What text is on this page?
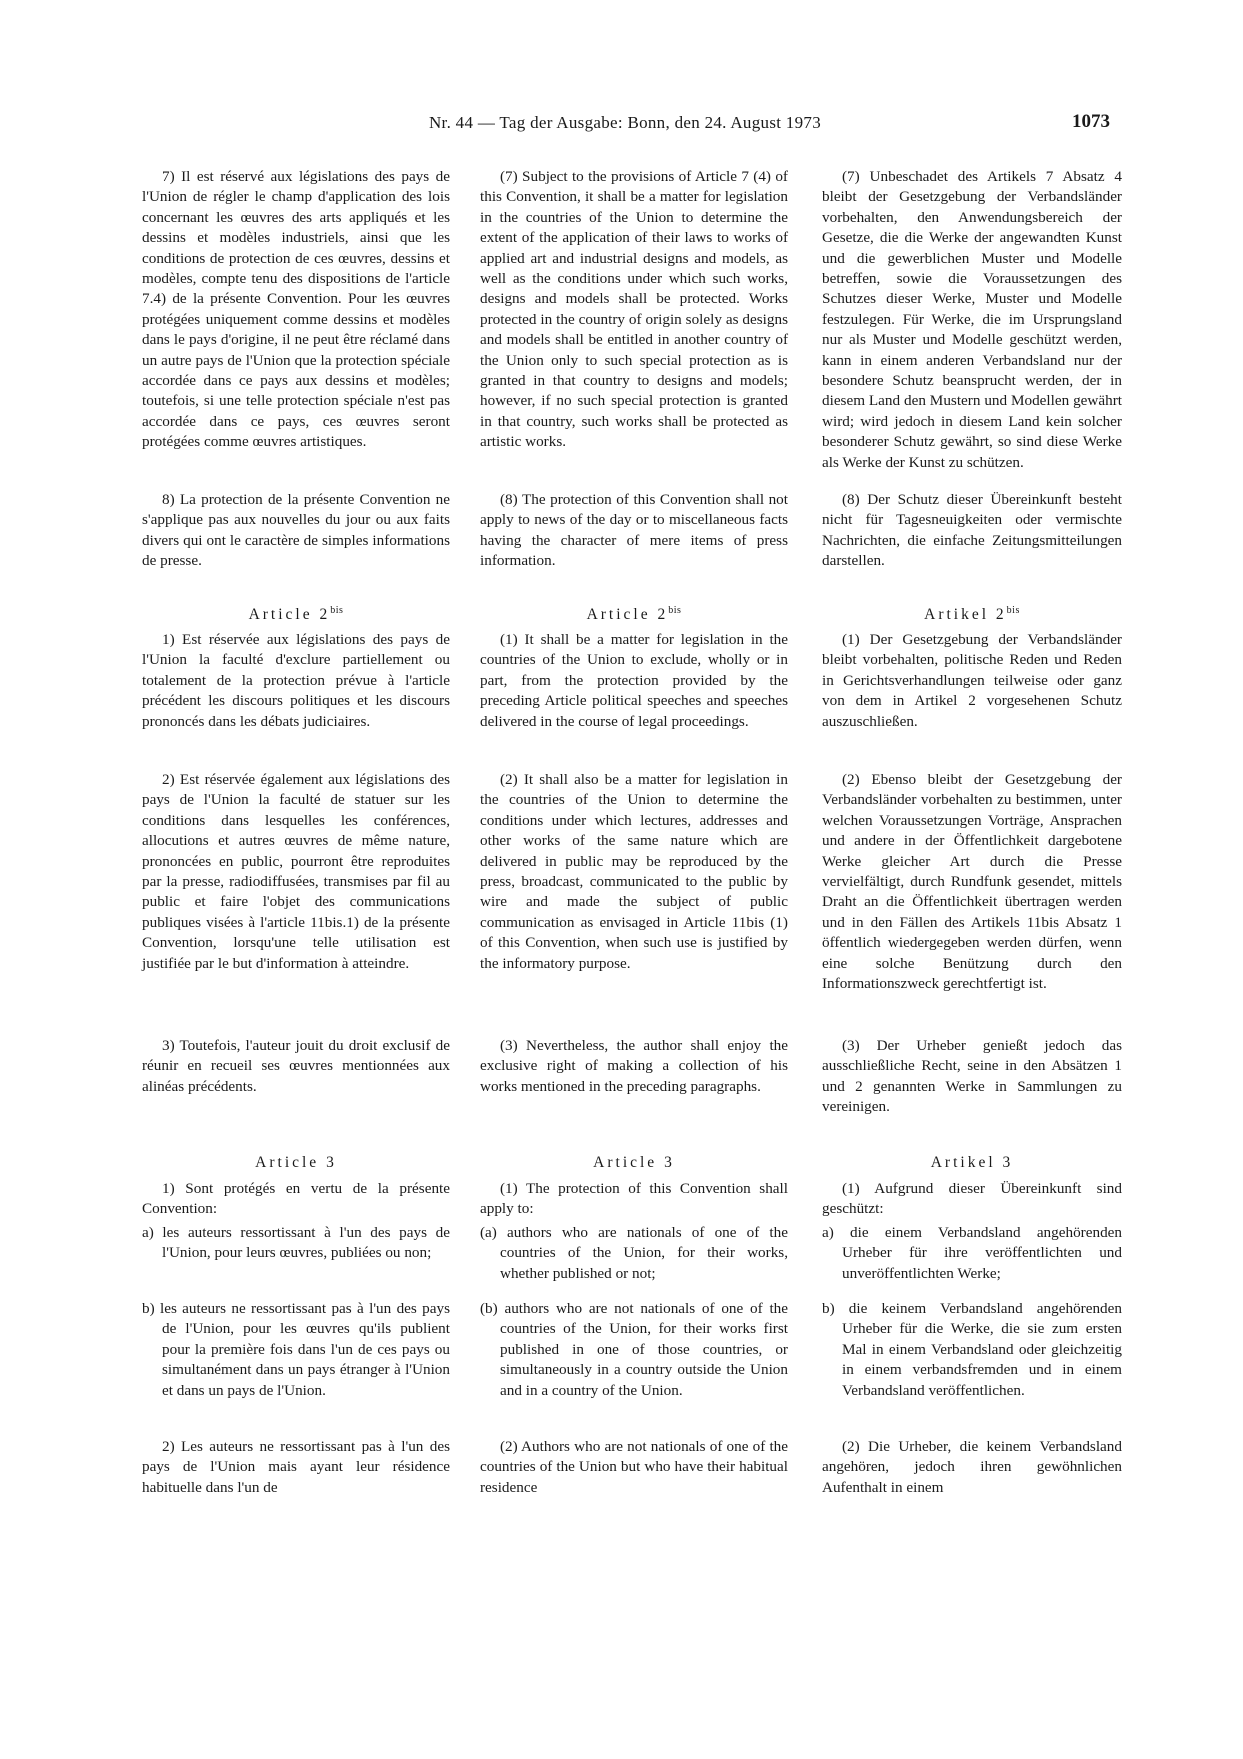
Nr. 44 — Tag der Ausgabe: Bonn, den 24. August 1973	1073

7) Il est réservé aux législations des pays de l'Union de régler le champ d'application des lois concernant les œuvres des arts appliqués et les dessins et modèles industriels, ainsi que les conditions de protection de ces œuvres, dessins et modèles, compte tenu des dispositions de l'article 7.4) de la présente Convention. Pour les œuvres protégées uniquement comme dessins et modèles dans le pays d'origine, il ne peut être réclamé dans un autre pays de l'Union que la protection spéciale accordée dans ce pays aux dessins et modèles; toutefois, si une telle protection spéciale n'est pas accordée dans ce pays, ces œuvres seront protégées comme œuvres artistiques.

8) La protection de la présente Convention ne s'applique pas aux nouvelles du jour ou aux faits divers qui ont le caractère de simples informations de presse.

Article $2^{bis}$

1) Est réservée aux législations des pays de l'Union la faculté d'exclure partiellement ou totalement de la protection prévue à l'article précédent les discours politiques et les discours prononcés dans les débats judiciaires.

2) Est réservée également aux législations des pays de l'Union la faculté de statuer sur les conditions dans lesquelles les conférences, allocutions et autres œuvres de même nature, prononcées en public, pourront être reproduites par la presse, radiodiffusées, transmises par fil au public et faire l'objet des communications publiques visées à l'article 11bis.1) de la présente Convention, lorsqu'une telle utilisation est justifiée par le but d'information à atteindre.

3) Toutefois, l'auteur jouit du droit exclusif de réunir en recueil ses œuvres mentionnées aux alinéas précédents.

Article 3

1) Sont protégés en vertu de la présente Convention:

a) les auteurs ressortissant à l'un des pays de l'Union, pour leurs œuvres, publiées ou non;

b) les auteurs ne ressortissant pas à l'un des pays de l'Union, pour les œuvres qu'ils publient pour la première fois dans l'un de ces pays ou simultanément dans un pays étranger à l'Union et dans un pays de l'Union.

2) Les auteurs ne ressortissant pas à l'un des pays de l'Union mais ayant leur résidence habituelle dans l'un de

(7) Subject to the provisions of Article 7 (4) of this Convention, it shall be a matter for legislation in the countries of the Union to determine the extent of the application of their laws to works of applied art and industrial designs and models, as well as the conditions under which such works, designs and models shall be protected. Works protected in the country of origin solely as designs and models shall be entitled in another country of the Union only to such special protection as is granted in that country to designs and models; however, if no such special protection is granted in that country, such works shall be protected as artistic works.

(8) The protection of this Convention shall not apply to news of the day or to miscellaneous facts having the character of mere items of press information.

Article $2^{bis}$

(1) It shall be a matter for legislation in the countries of the Union to exclude, wholly or in part, from the protection provided by the preceding Article political speeches and speeches delivered in the course of legal proceedings.

(2) It shall also be a matter for legislation in the countries of the Union to determine the conditions under which lectures, addresses and other works of the same nature which are delivered in public may be reproduced by the press, broadcast, communicated to the public by wire and made the subject of public communication as envisaged in Article 11bis (1) of this Convention, when such use is justified by the informatory purpose.

(3) Nevertheless, the author shall enjoy the exclusive right of making a collection of his works mentioned in the preceding paragraphs.

Article 3

(1) The protection of this Convention shall apply to:

(a) authors who are nationals of one of the countries of the Union, for their works, whether published or not;

(b) authors who are not nationals of one of the countries of the Union, for their works first published in one of those countries, or simultaneously in a country outside the Union and in a country of the Union.

(2) Authors who are not nationals of one of the countries of the Union but who have their habitual residence

(7) Unbeschadet des Artikels 7 Absatz 4 bleibt der Gesetzgebung der Verbandsländer vorbehalten, den Anwendungsbereich der Gesetze, die die Werke der angewandten Kunst und die gewerblichen Muster und Modelle betreffen, sowie die Voraussetzungen des Schutzes dieser Werke, Muster und Modelle festzulegen. Für Werke, die im Ursprungsland nur als Muster und Modelle geschützt werden, kann in einem anderen Verbandsland nur der besondere Schutz beansprucht werden, der in diesem Land den Mustern und Modellen gewährt wird; wird jedoch in diesem Land kein solcher besonderer Schutz gewährt, so sind diese Werke als Werke der Kunst zu schützen.

(8) Der Schutz dieser Übereinkunft besteht nicht für Tagesneuigkeiten oder vermischte Nachrichten, die einfache Zeitungsmitteilungen darstellen.

Artikel $2^{bis}$

(1) Der Gesetzgebung der Verbandsländer bleibt vorbehalten, politische Reden und Reden in Gerichtsverhandlungen teilweise oder ganz von dem in Artikel 2 vorgesehenen Schutz auszuschließen.

(2) Ebenso bleibt der Gesetzgebung der Verbandsländer vorbehalten zu bestimmen, unter welchen Voraussetzungen Vorträge, Ansprachen und andere in der Öffentlichkeit dargebotene Werke gleicher Art durch die Presse vervielfältigt, durch Rundfunk gesendet, mittels Draht an die Öffentlichkeit übertragen werden und in den Fällen des Artikels 11bis Absatz 1 öffentlich wiedergegeben werden dürfen, wenn eine solche Benützung durch den Informationszweck gerechtfertigt ist.

(3) Der Urheber genießt jedoch das ausschließliche Recht, seine in den Absätzen 1 und 2 genannten Werke in Sammlungen zu vereinigen.

Artikel 3

(1) Aufgrund dieser Übereinkunft sind geschützt:

a) die einem Verbandsland angehörenden Urheber für ihre veröffentlichten und unveröffentlichten Werke;

b) die keinem Verbandsland angehörenden Urheber für die Werke, die sie zum ersten Mal in einem Verbandsland oder gleichzeitig in einem verbandsfremden und in einem Verbandsland veröffentlichen.

(2) Die Urheber, die keinem Verbandsland angehören, jedoch ihren gewöhnlichen Aufenthalt in einem
